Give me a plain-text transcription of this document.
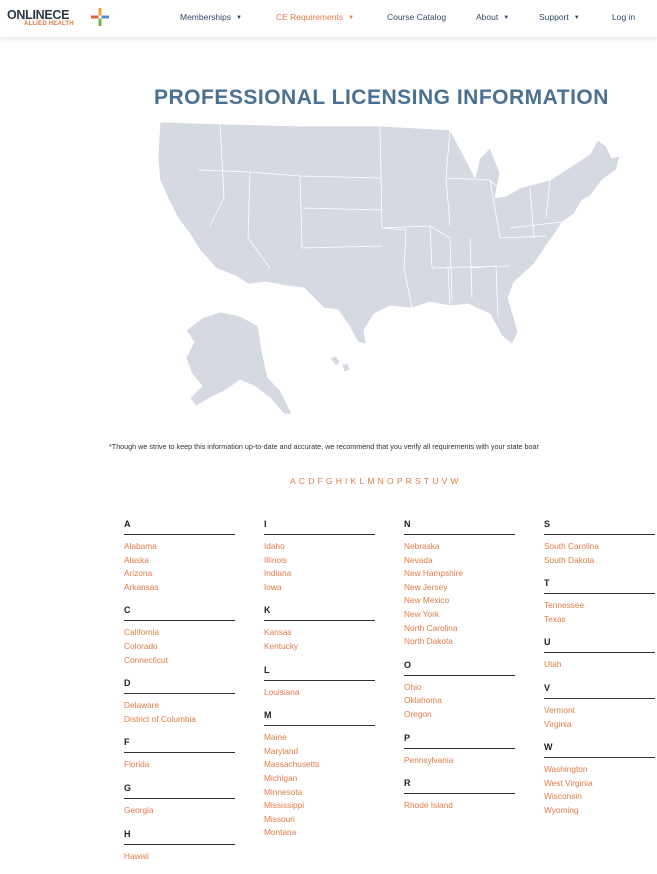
ONLINECE
ALLIED HEALTH
Memberships ▼	CE Requirements ▼	Course Catalog	About ▼	Support ▼	Log in
PROFESSIONAL LICENSING INFORMATION
*Though we strive to keep this information up-to-date and accurate, we recommend that you verify all requirements with your state boar
A C D F G H I K L M N O P R S T U V W
A
Alabama
Alaska
Arizona
Arkansas
C
California
Colorado
Connecticut
D
Delaware
District of Columbia
F
Florida
G
Georgia
H
Hawaii
I
Idaho
Illinois
Indiana
Iowa
K
Kansas
Kentucky
L
Louisiana
M
Maine
Maryland
Massachusetts
Michigan
Minnesota
Mississippi
Missouri
Montana
N
Nebraska
Nevada
New Hampshire
New Jersey
New Mexico
New York
North Carolina
North Dakota
O
Ohio
Oklahoma
Oregon
P
Pennsylvania
R
Rhode Island
S
South Carolina
South Dakota
T
Tennessee
Texas
U
Utah
V
Vermont
Virginia
W
Washington
West Virginia
Wisconsin
Wyoming
